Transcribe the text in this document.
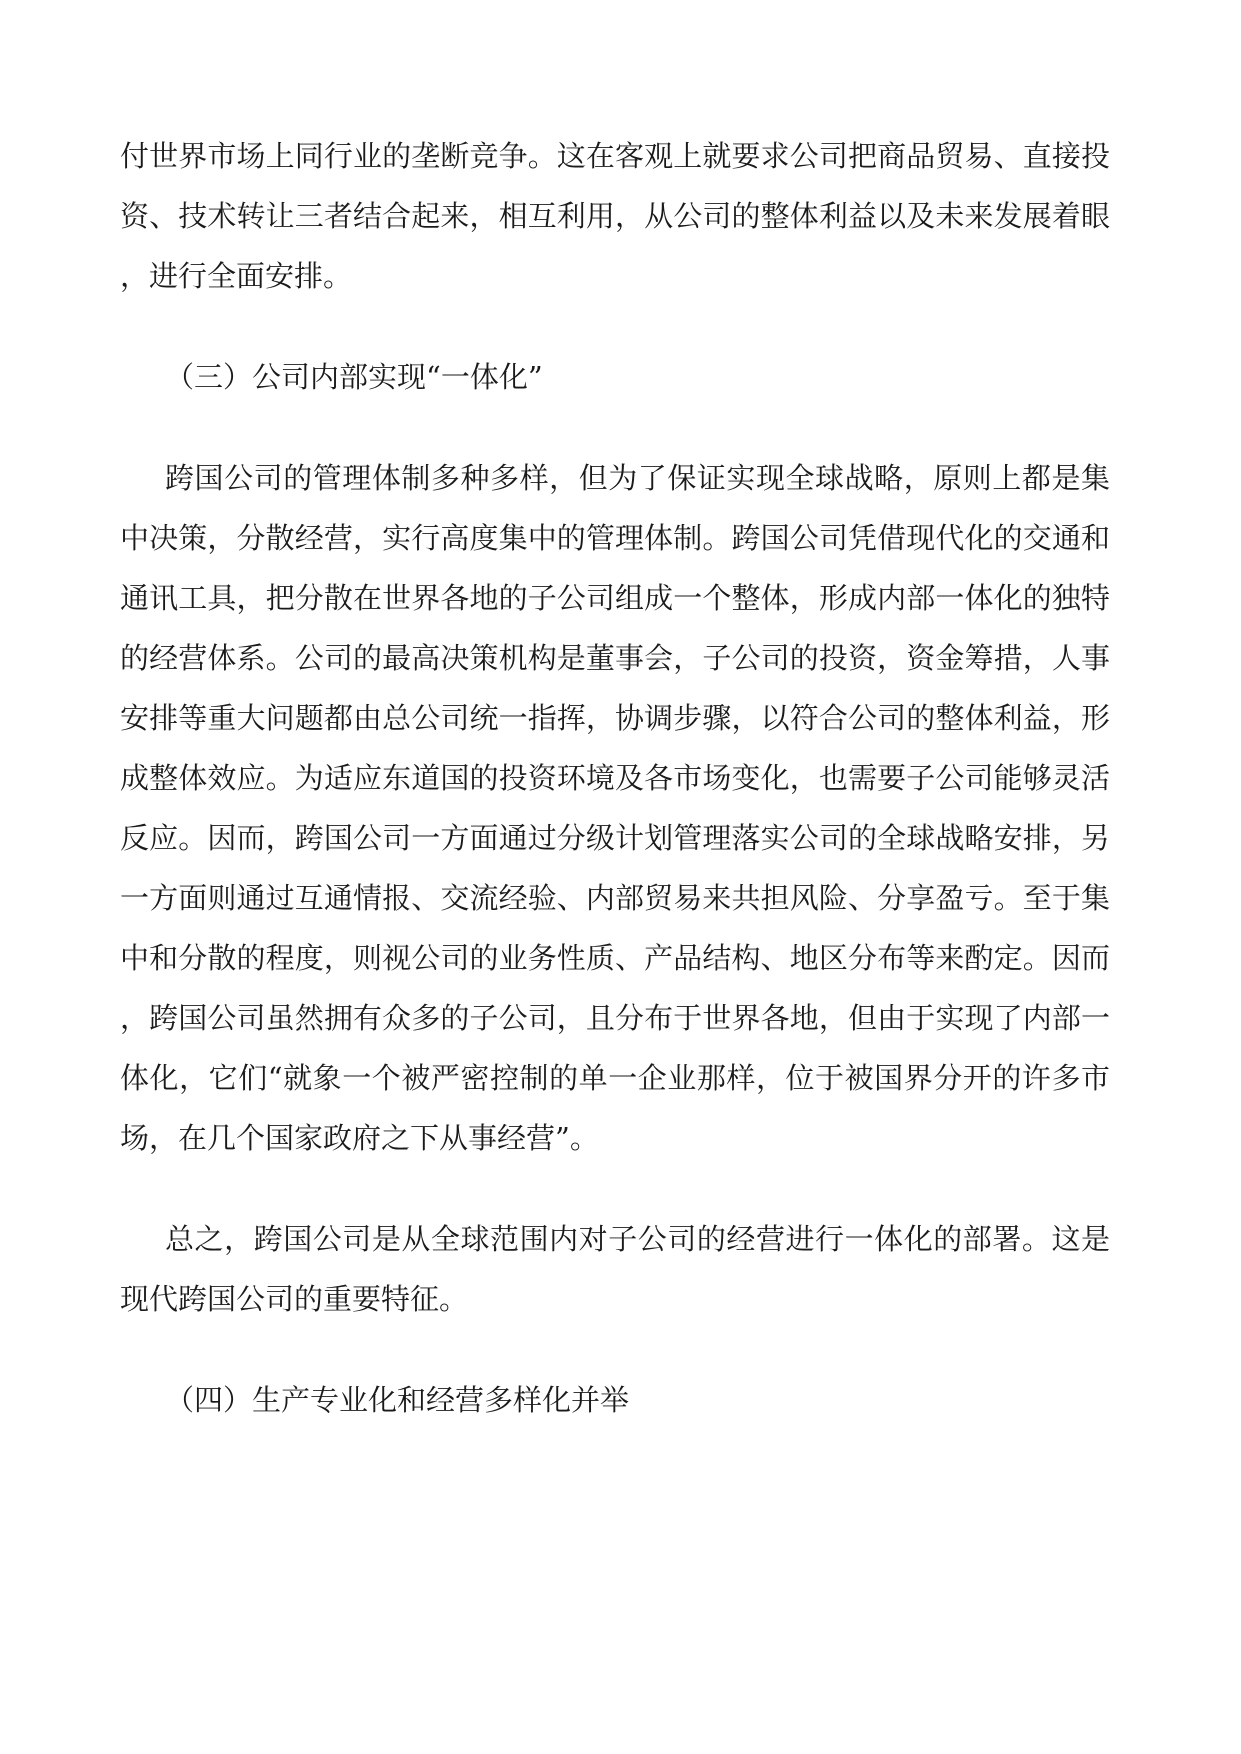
付世界市场上同行业的垄断竞争。这在客观上就要求公司把商品贸易、直接投
资、技术转让三者结合起来，相互利用，从公司的整体利益以及未来发展着眼
，进行全面安排。
（三）公司内部实现“一体化”
跨国公司的管理体制多种多样，但为了保证实现全球战略，原则上都是集
中决策，分散经营，实行高度集中的管理体制。跨国公司凭借现代化的交通和
通讯工具，把分散在世界各地的子公司组成一个整体，形成内部一体化的独特
的经营体系。公司的最高决策机构是董事会，子公司的投资，资金筹措，人事
安排等重大问题都由总公司统一指挥，协调步骤，以符合公司的整体利益，形
成整体效应。为适应东道国的投资环境及各市场变化，也需要子公司能够灵活
反应。因而，跨国公司一方面通过分级计划管理落实公司的全球战略安排，另
一方面则通过互通情报、交流经验、内部贸易来共担风险、分享盈亏。至于集
中和分散的程度，则视公司的业务性质、产品结构、地区分布等来酌定。因而
，跨国公司虽然拥有众多的子公司，且分布于世界各地，但由于实现了内部一
体化，它们“就象一个被严密控制的单一企业那样，位于被国界分开的许多市
场，在几个国家政府之下从事经营”。
总之，跨国公司是从全球范围内对子公司的经营进行一体化的部署。这是
现代跨国公司的重要特征。
（四）生产专业化和经营多样化并举
